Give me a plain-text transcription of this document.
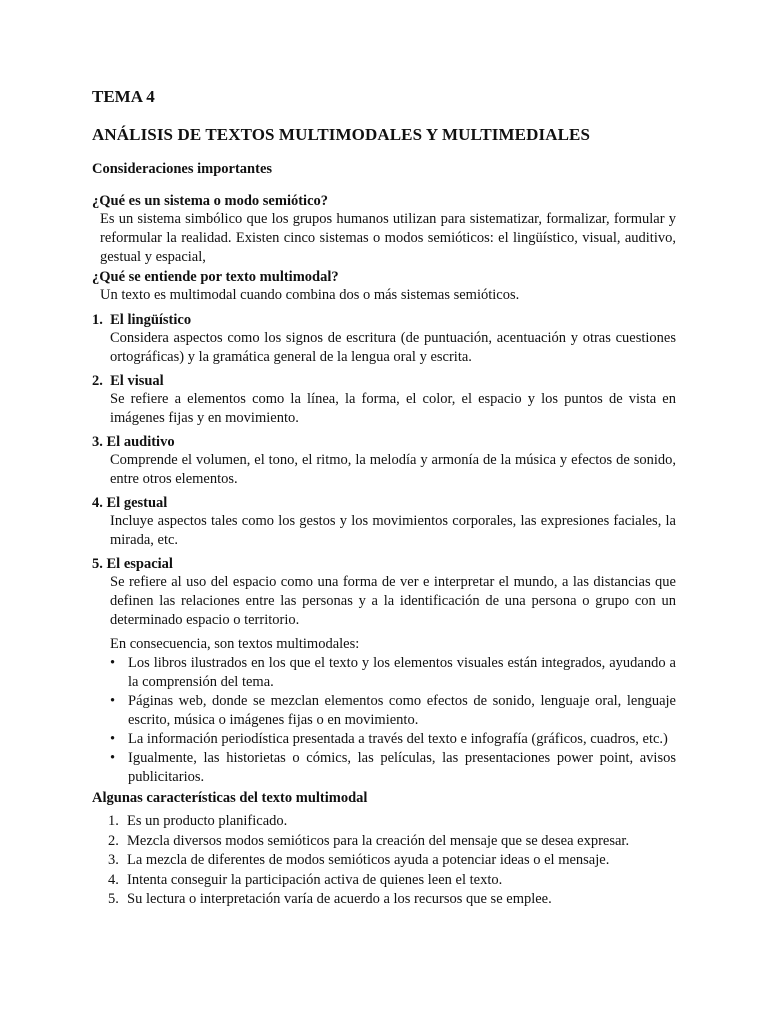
TEMA 4
ANÁLISIS DE TEXTOS MULTIMODALES Y MULTIMEDIALES
Consideraciones importantes
¿Qué es un sistema o modo semiótico?

Es un sistema simbólico que los grupos humanos utilizan para sistematizar, formalizar, formular y reformular la realidad. Existen cinco sistemas o modos semióticos: el lingüístico, visual, auditivo, gestual y espacial,

¿Qué se entiende por texto multimodal?

Un texto es multimodal cuando combina dos o más sistemas semióticos.

1.  El lingüístico

Considera aspectos como los signos de escritura (de puntuación, acentuación y otras cuestiones ortográficas) y la gramática general de la lengua oral y escrita.

2.  El visual

Se refiere a elementos como la línea, la forma, el color, el espacio y los puntos de vista en imágenes fijas y en movimiento.

3. El auditivo

Comprende el volumen, el tono, el ritmo, la melodía y armonía de la música y efectos de sonido, entre otros elementos.

4. El gestual

Incluye aspectos tales como los gestos y los movimientos corporales, las expresiones faciales, la mirada, etc.

5. El espacial

Se refiere al uso del espacio como una forma de ver e interpretar el mundo, a las distancias que definen las relaciones entre las personas y a la identificación de una persona o grupo con un determinado espacio o territorio.

En consecuencia, son textos multimodales:

• Los libros ilustrados en los que el texto y los elementos visuales están integrados, ayudando a la comprensión del tema.
• Páginas web, donde se mezclan elementos como efectos de sonido, lenguaje oral, lenguaje escrito, música o imágenes fijas o en movimiento.
• La información periodística presentada a través del texto e infografía (gráficos, cuadros, etc.)
• Igualmente, las historietas o cómics, las películas, las presentaciones power point, avisos publicitarios.
Algunas características del texto multimodal
1. Es un producto planificado.
2. Mezcla diversos modos semióticos para la creación del mensaje que se desea expresar.
3. La mezcla de diferentes de modos semióticos ayuda a potenciar ideas o el mensaje.
4. Intenta conseguir la participación activa de quienes leen el texto.
5. Su lectura o interpretación varía de acuerdo a los recursos que se emplee.
